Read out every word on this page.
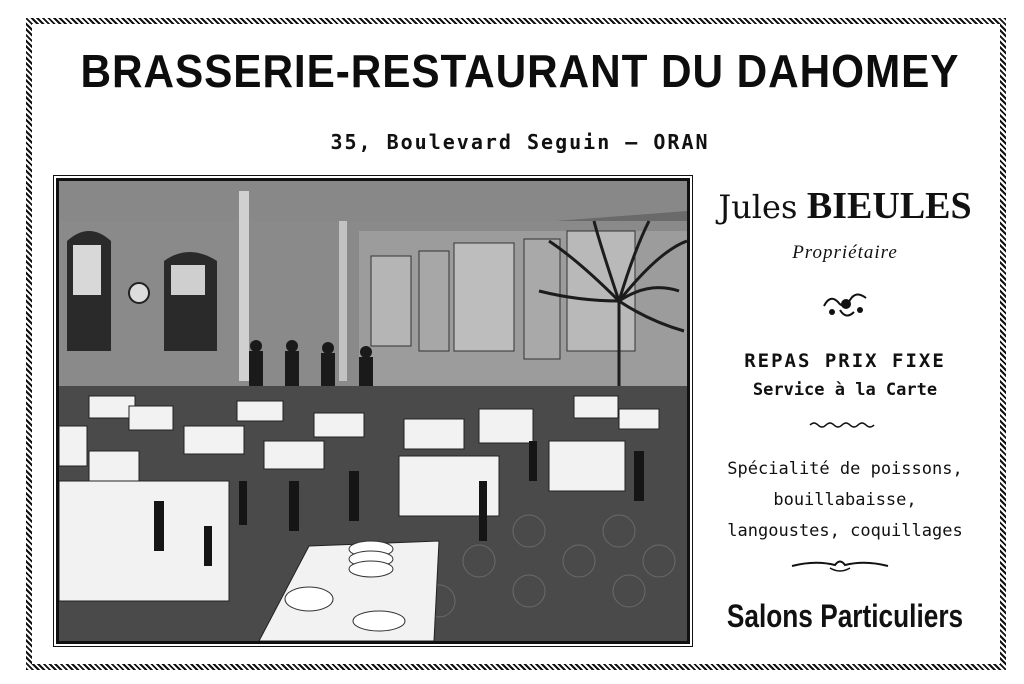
BRASSERIE-RESTAURANT DU DAHOMEY
35, Boulevard Seguin — ORAN
Jules BIEULES
Propriétaire
REPAS PRIX FIXE
Service à la Carte
Spécialité de poissons,
bouillabaisse,
langoustes, coquillages
Salons Particuliers
